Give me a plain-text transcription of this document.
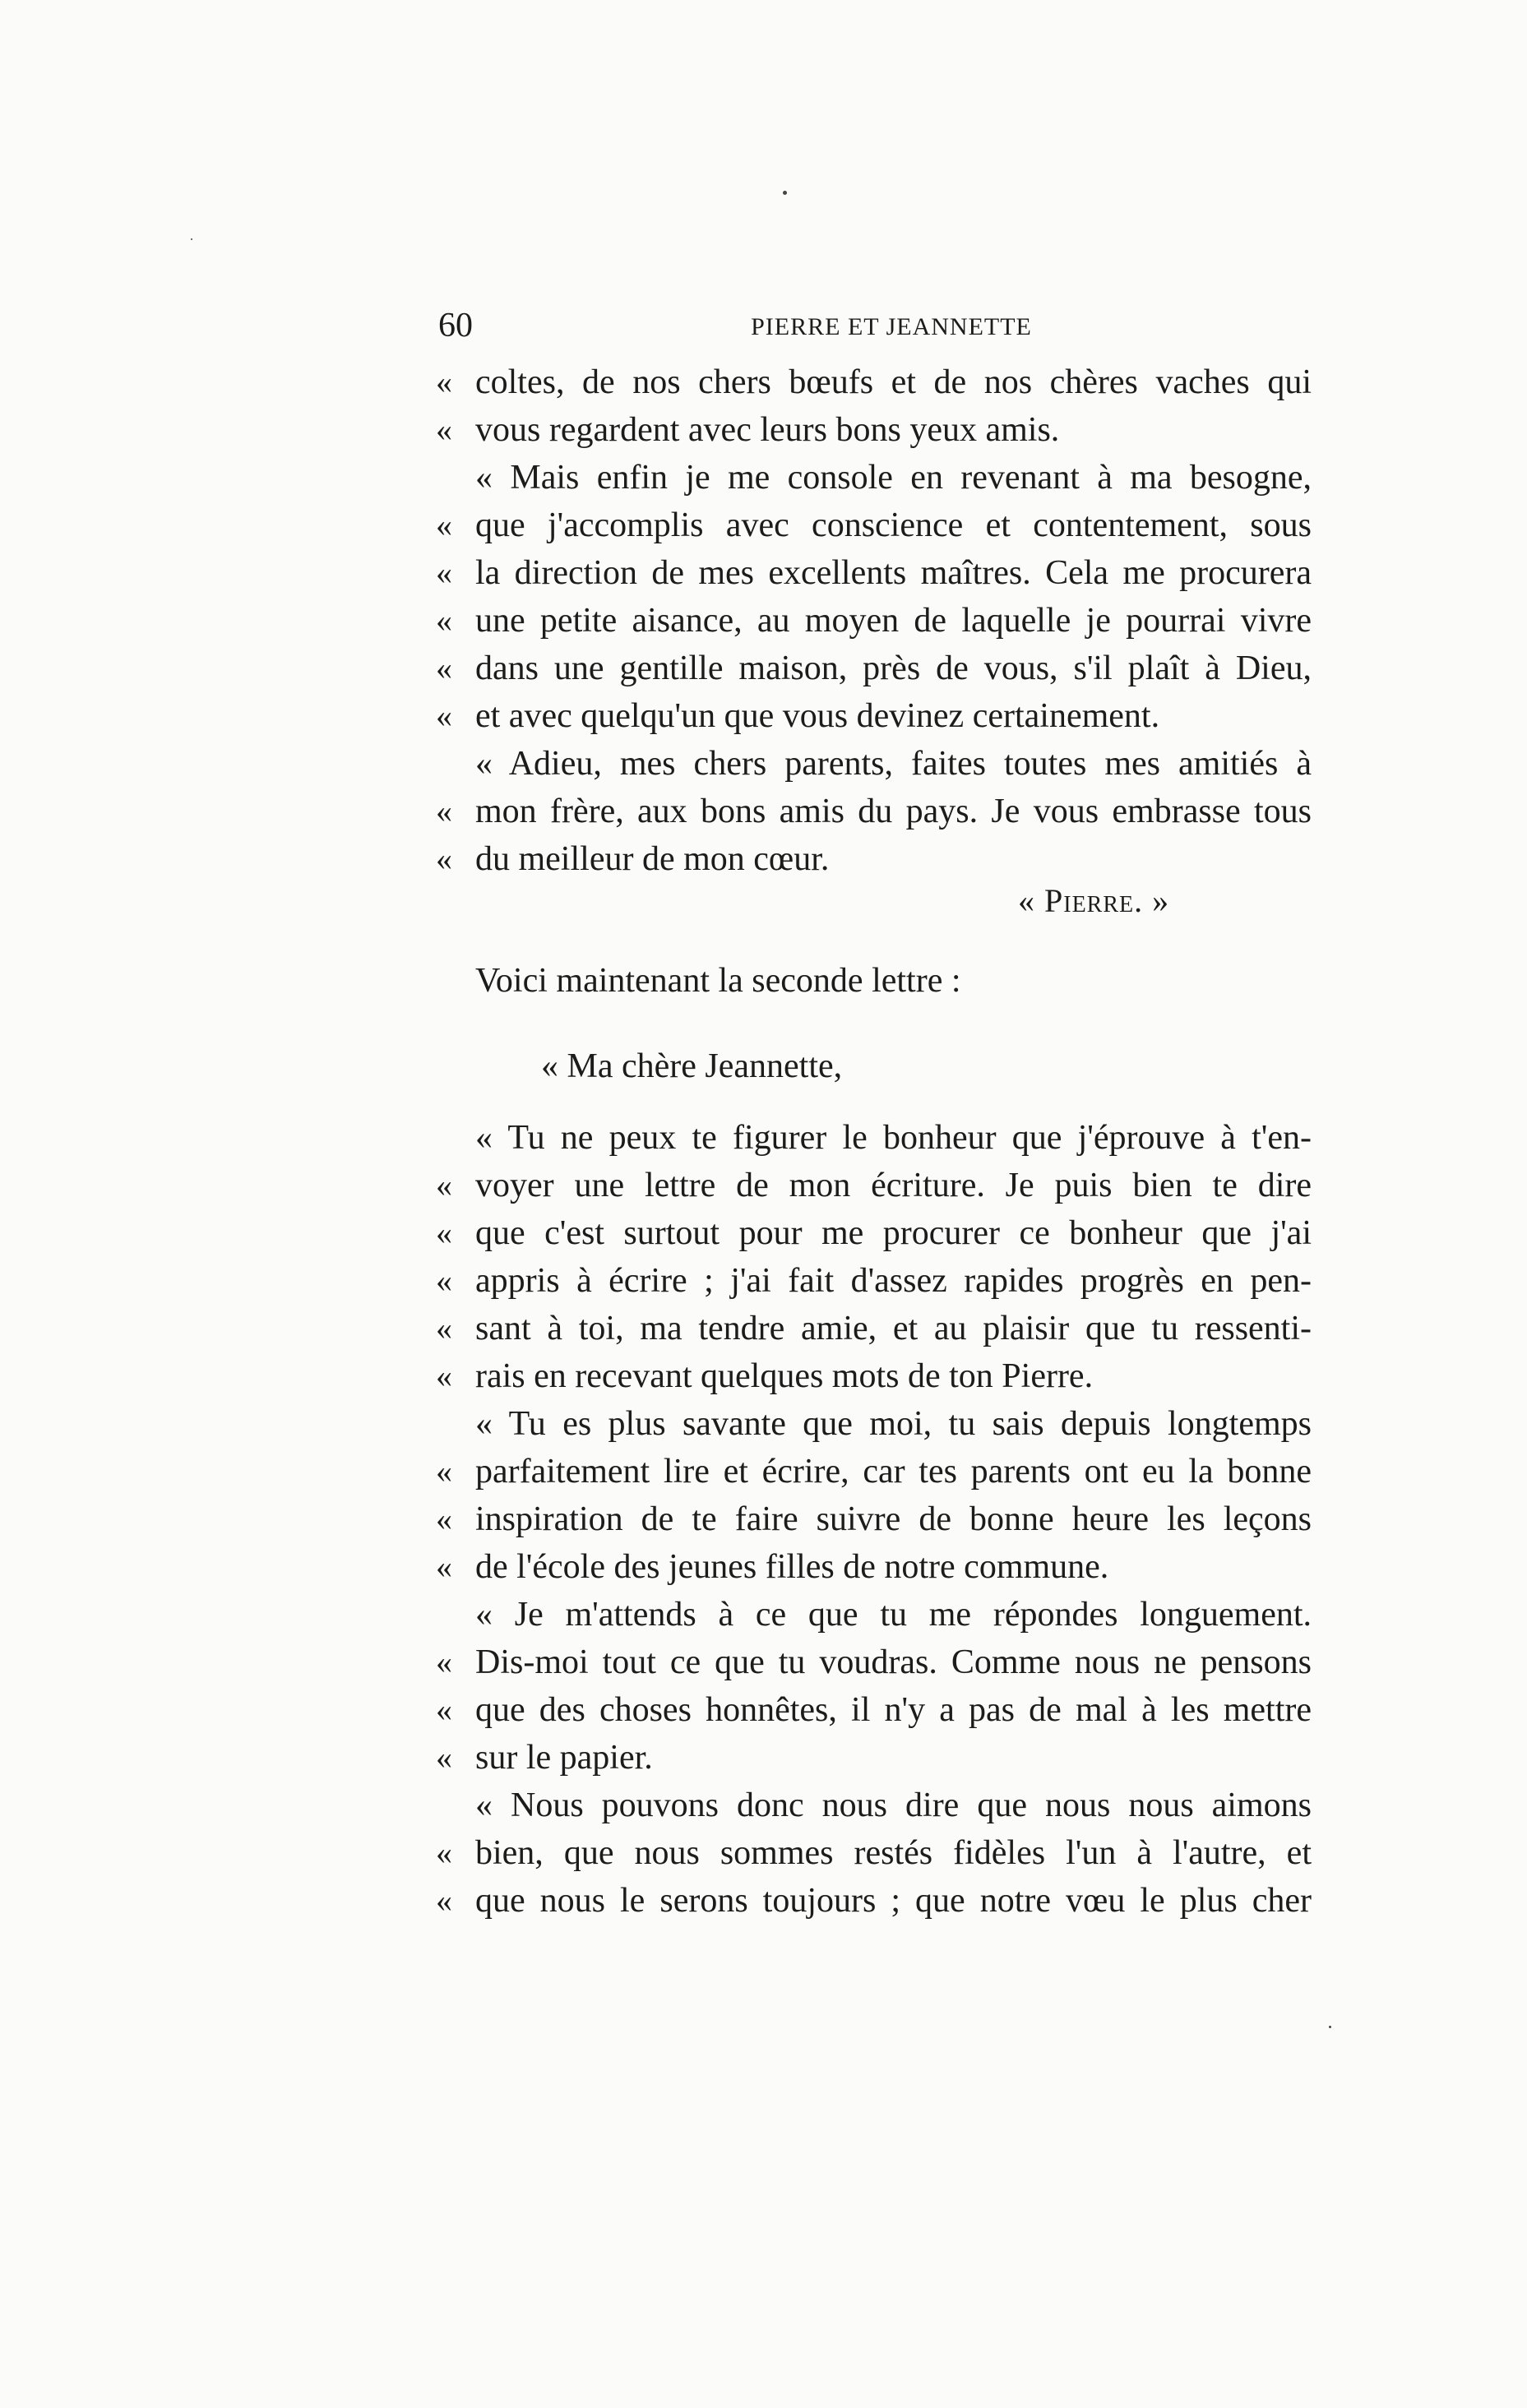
60	PIERRE ET JEANNETTE
« coltes, de nos chers bœufs et de nos chères vaches qui
« vous regardent avec leurs bons yeux amis.
« Mais enfin je me console en revenant à ma besogne,
« que j'accomplis avec conscience et contentement, sous
« la direction de mes excellents maîtres. Cela me procurera
« une petite aisance, au moyen de laquelle je pourrai vivre
« dans une gentille maison, près de vous, s'il plaît à Dieu,
« et avec quelqu'un que vous devinez certainement.
« Adieu, mes chers parents, faites toutes mes amitiés à
« mon frère, aux bons amis du pays. Je vous embrasse tous
« du meilleur de mon cœur.
« Pierre. »
Voici maintenant la seconde lettre :
« Ma chère Jeannette,
« Tu ne peux te figurer le bonheur que j'éprouve à t'en-
« voyer une lettre de mon écriture. Je puis bien te dire
« que c'est surtout pour me procurer ce bonheur que j'ai
« appris à écrire ; j'ai fait d'assez rapides progrès en pen-
« sant à toi, ma tendre amie, et au plaisir que tu ressenti-
« rais en recevant quelques mots de ton Pierre.
« Tu es plus savante que moi, tu sais depuis longtemps
« parfaitement lire et écrire, car tes parents ont eu la bonne
« inspiration de te faire suivre de bonne heure les leçons
« de l'école des jeunes filles de notre commune.
« Je m'attends à ce que tu me répondes longuement.
« Dis-moi tout ce que tu voudras. Comme nous ne pensons
« que des choses honnêtes, il n'y a pas de mal à les mettre
« sur le papier.
« Nous pouvons donc nous dire que nous nous aimons
« bien, que nous sommes restés fidèles l'un à l'autre, et
« que nous le serons toujours ; que notre vœu le plus cher
